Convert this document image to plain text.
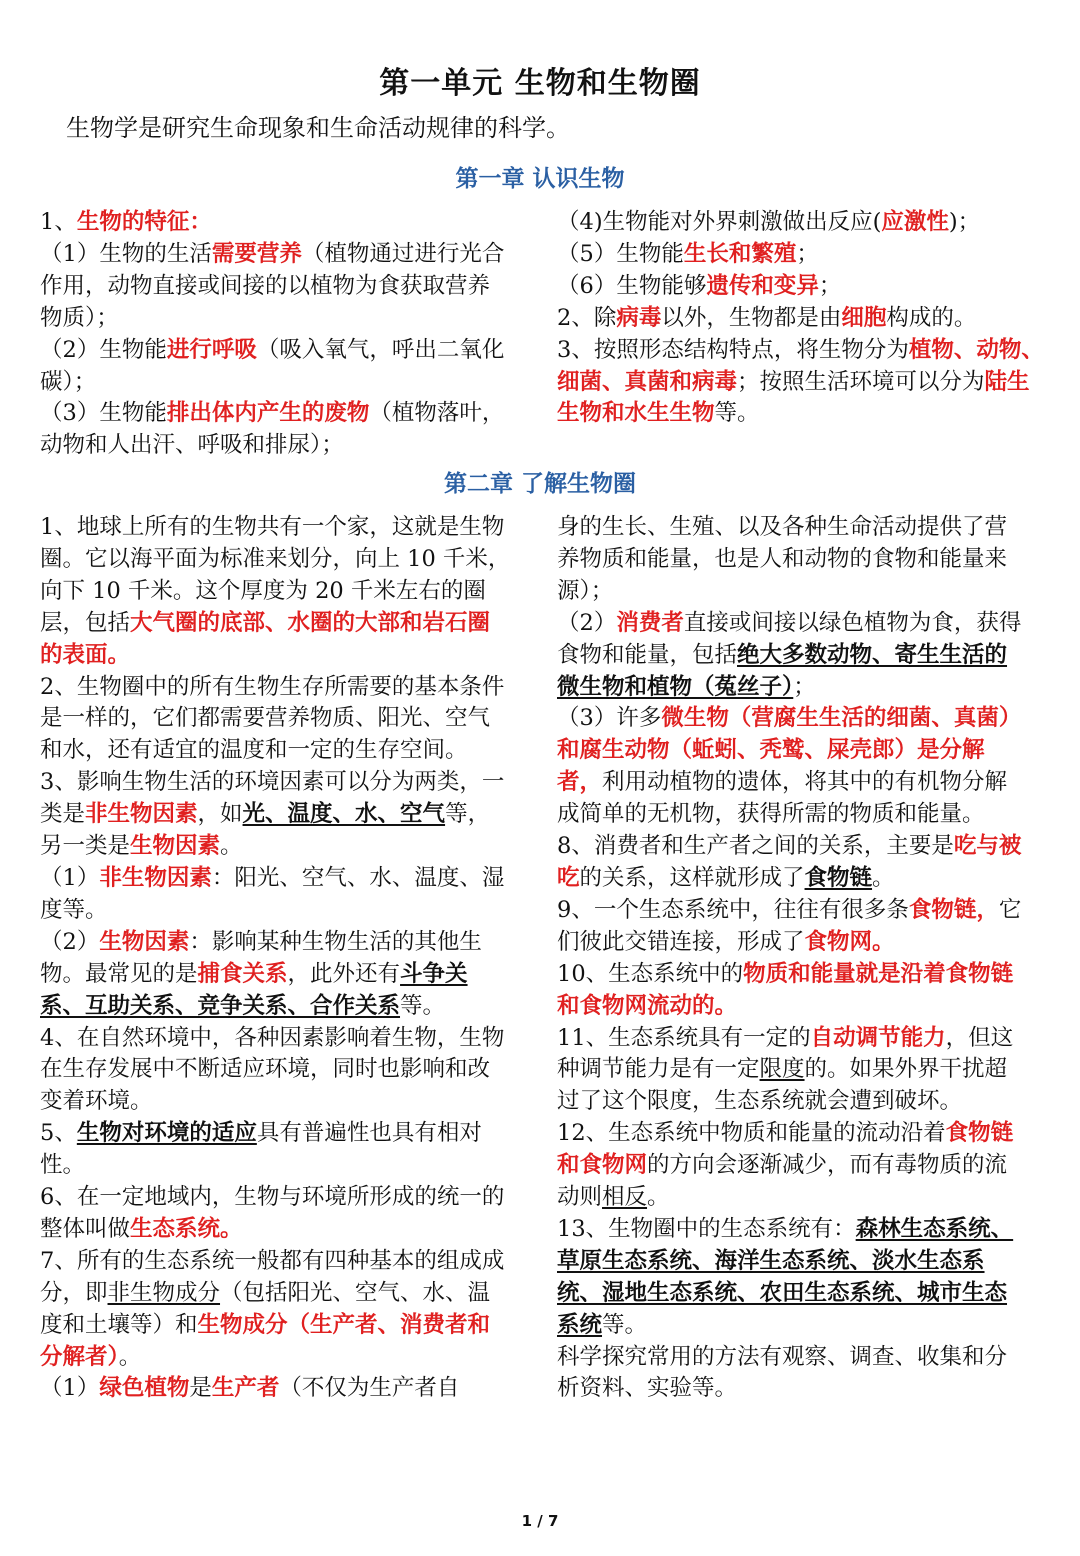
第一单元 生物和生物圈
生物学是研究生命现象和生命活动规律的科学。
第一章 认识生物

1、生物的特征：

（1）生物的生活需要营养（植物通过进行光合作用，动物直接或间接的以植物为食获取营养物质）；

（2）生物能进行呼吸（吸入氧气，呼出二氧化碳）；

（3）生物能排出体内产生的废物（植物落叶，动物和人出汗、呼吸和排尿）；

（4)生物能对外界刺激做出反应(应激性)；

（5）生物能生长和繁殖；

（6）生物能够遗传和变异；

2、除病毒以外，生物都是由细胞构成的。

3、按照形态结构特点，将生物分为植物、动物、细菌、真菌和病毒；按照生活环境可以分为陆生生物和水生生物等。

第二章 了解生物圈

1、地球上所有的生物共有一个家，这就是生物圈。它以海平面为标准来划分，向上 10 千米，向下 10 千米。这个厚度为 20 千米左右的圈层，包括大气圈的底部、水圈的大部和岩石圈的表面。

2、生物圈中的所有生物生存所需要的基本条件是一样的，它们都需要营养物质、阳光、空气和水，还有适宜的温度和一定的生存空间。

3、影响生物生活的环境因素可以分为两类，一类是非生物因素，如光、温度、水、空气等，另一类是生物因素。

（1）非生物因素：阳光、空气、水、温度、湿度等。

（2）生物因素：影响某种生物生活的其他生物。最常见的是捕食关系，此外还有斗争关系、互助关系、竞争关系、合作关系等。

4、在自然环境中，各种因素影响着生物，生物在生存发展中不断适应环境，同时也影响和改变着环境。

5、生物对环境的适应具有普遍性也具有相对性。

6、在一定地域内，生物与环境所形成的统一的整体叫做生态系统。

7、所有的生态系统一般都有四种基本的组成成分，即非生物成分（包括阳光、空气、水、温度和土壤等）和生物成分（生产者、消费者和分解者）。

（1）绿色植物是生产者（不仅为生产者自

身的生长、生殖、以及各种生命活动提供了营养物质和能量，也是人和动物的食物和能量来源）；

（2）消费者直接或间接以绿色植物为食，获得食物和能量，包括绝大多数动物、寄生生活的微生物和植物（菟丝子）；

（3）许多微生物（营腐生生活的细菌、真菌）和腐生动物（蚯蚓、秃鹫、屎壳郎）是分解者，利用动植物的遗体，将其中的有机物分解成简单的无机物，获得所需的物质和能量。

8、消费者和生产者之间的关系，主要是吃与被吃的关系，这样就形成了食物链。

9、一个生态系统中，往往有很多条食物链，它们彼此交错连接，形成了食物网。

10、生态系统中的物质和能量就是沿着食物链和食物网流动的。

11、生态系统具有一定的自动调节能力，但这种调节能力是有一定限度的。如果外界干扰超过了这个限度，生态系统就会遭到破坏。

12、生态系统中物质和能量的流动沿着食物链和食物网的方向会逐渐减少，而有毒物质的流动则相反。

13、生物圈中的生态系统有：森林生态系统、草原生态系统、海洋生态系统、淡水生态系统、湿地生态系统、农田生态系统、城市生态系统等。

科学探究常用的方法有观察、调查、收集和分析资料、实验等。

1 / 7
